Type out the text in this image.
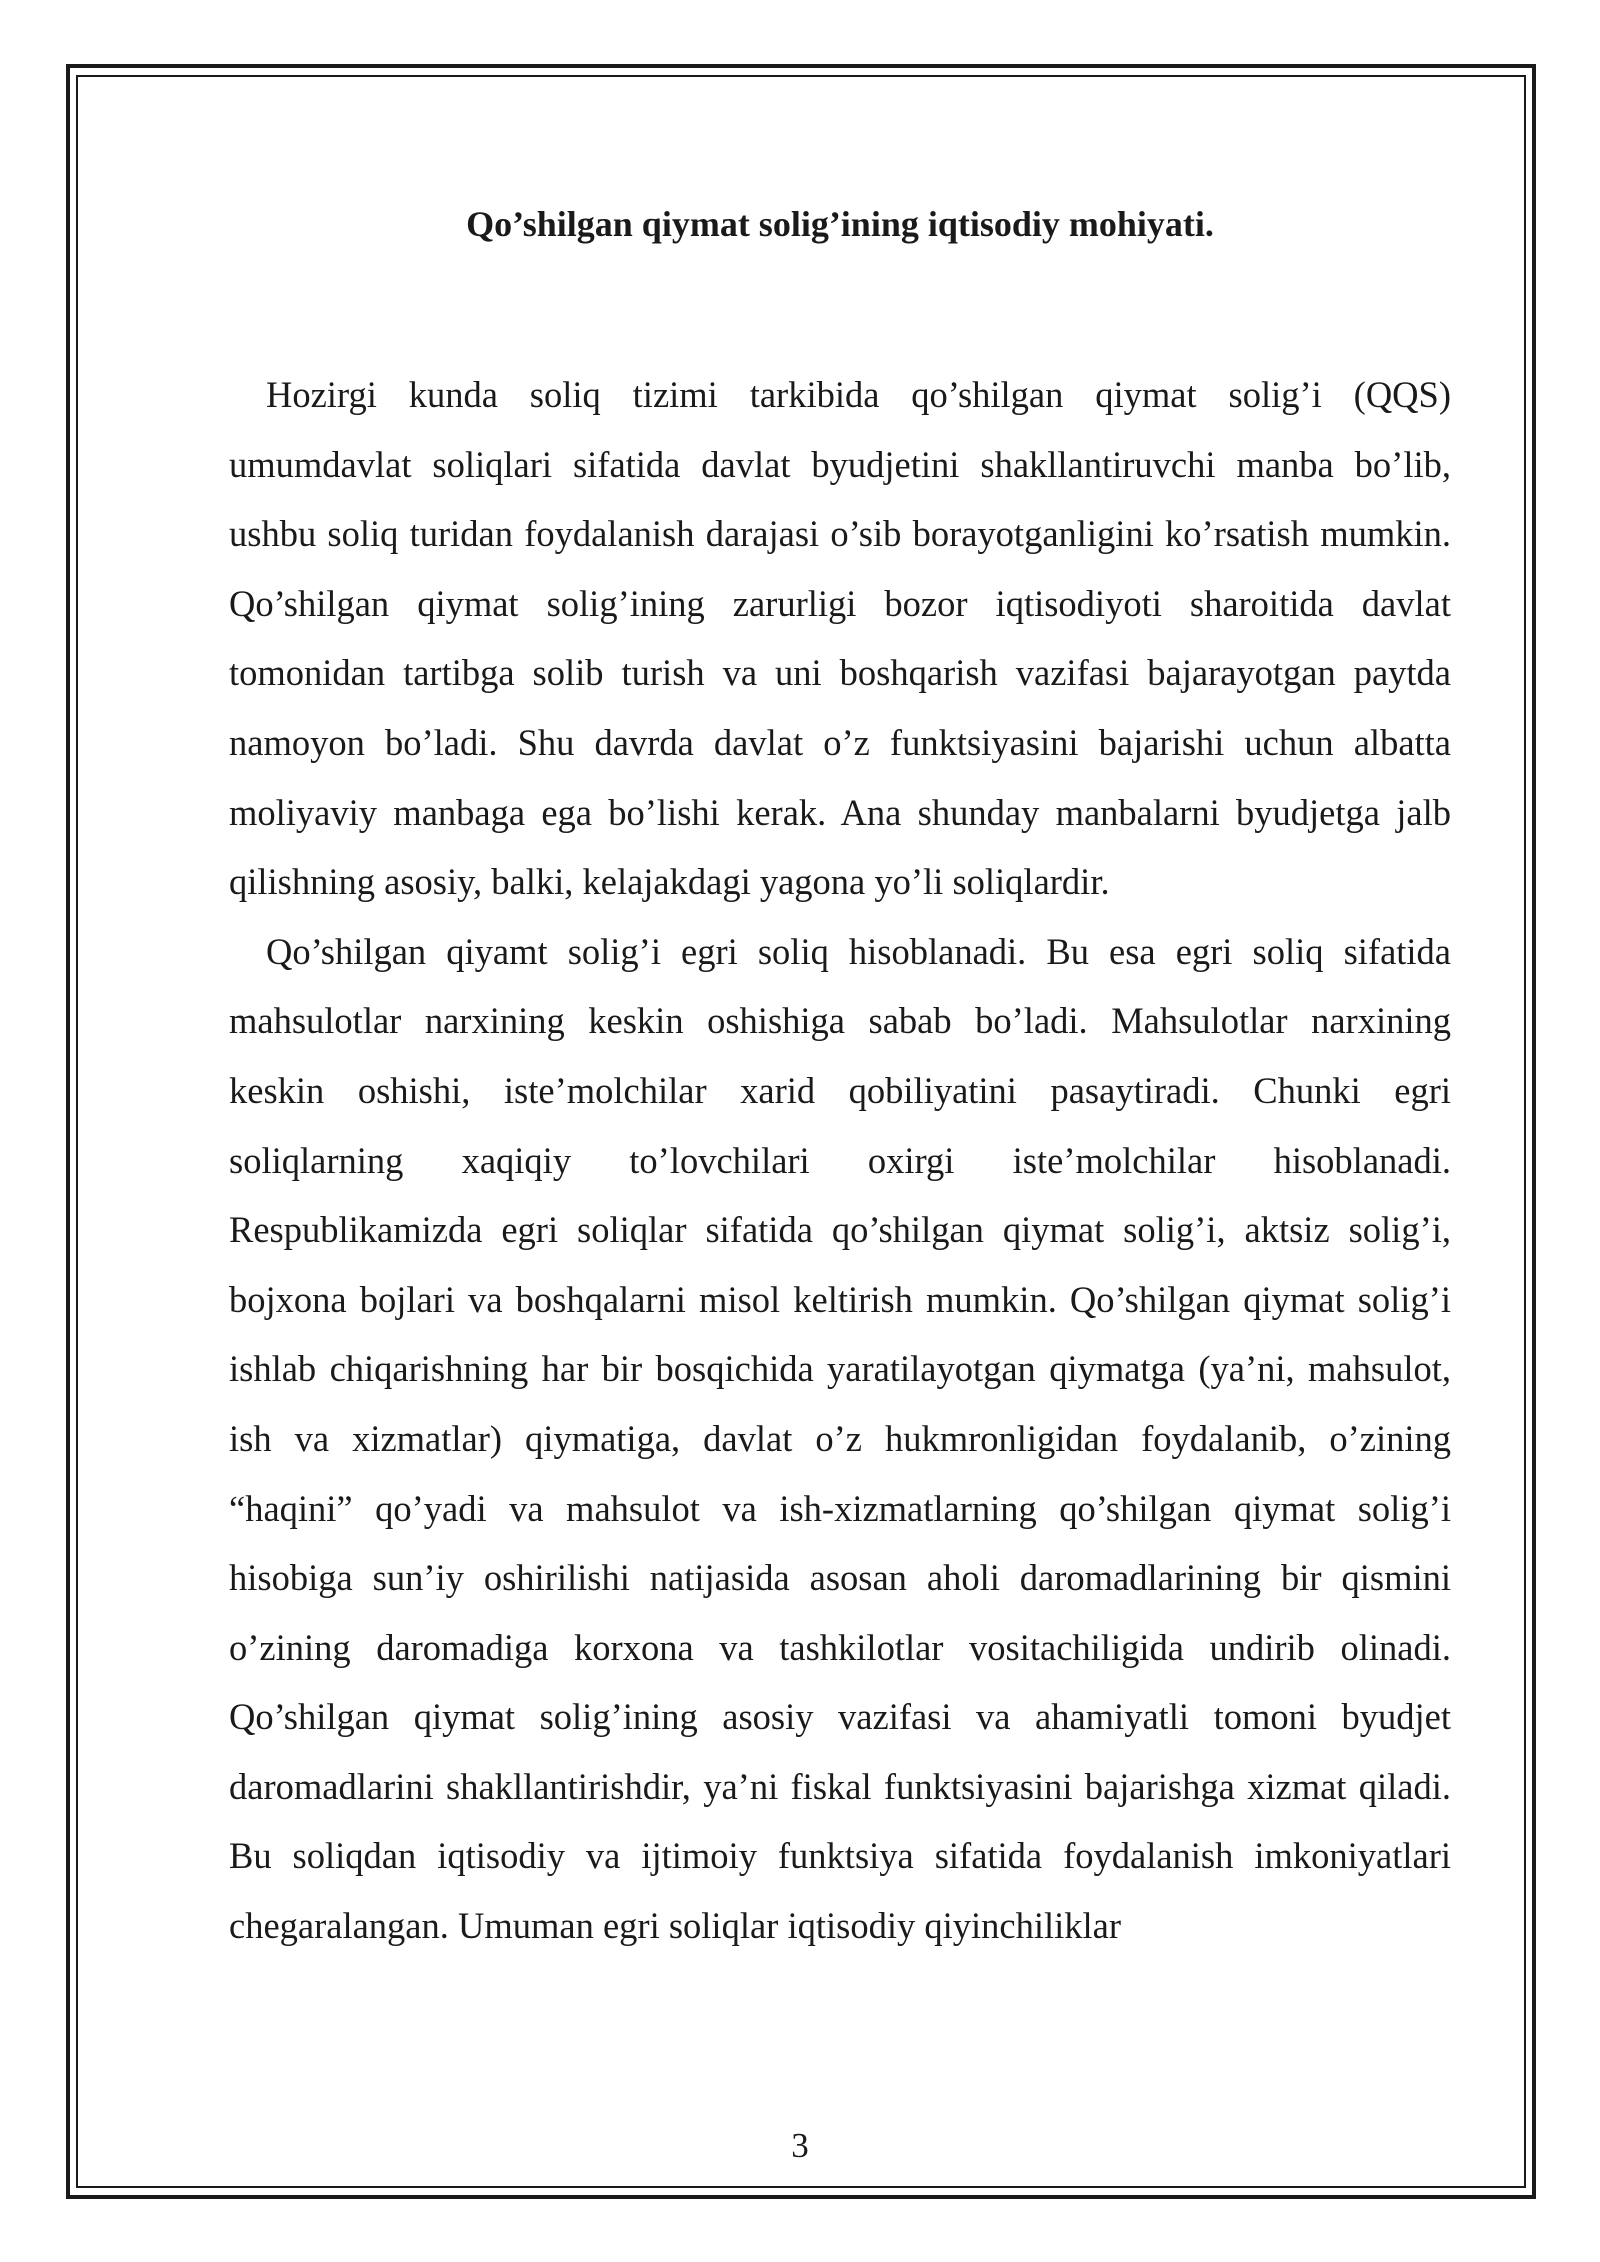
Qo’shilgan qiymat solig’ining iqtisodiy mohiyati.

Hozirgi kunda soliq tizimi tarkibida qo’shilgan qiymat solig’i (QQS) umumdavlat soliqlari sifatida davlat byudjetini shakllantiruvchi manba bo’lib, ushbu soliq turidan foydalanish darajasi o’sib borayotganligini ko’rsatish mumkin. Qo’shilgan qiymat solig’ining zarurligi bozor iqtisodiyoti sharoitida davlat tomonidan tartibga solib turish va uni boshqarish vazifasi bajarayotgan paytda namoyon bo’ladi. Shu davrda davlat o’z funktsiyasini bajarishi uchun albatta moliyaviy manbaga ega bo’lishi kerak. Ana shunday manbalarni byudjetga jalb qilishning asosiy, balki, kelajakdagi yagona yo’li soliqlardir.

Qo’shilgan qiyamt solig’i egri soliq hisoblanadi. Bu esa egri soliq sifatida mahsulotlar narxining keskin oshishiga sabab bo’ladi. Mahsulotlar narxining keskin oshishi, iste’molchilar xarid qobiliyatini pasaytiradi. Chunki egri soliqlarning xaqiqiy to’lovchilari oxirgi iste’molchilar hisoblanadi. Respublikamizda egri soliqlar sifatida qo’shilgan qiymat solig’i, aktsiz solig’i, bojxona bojlari va boshqalarni misol keltirish mumkin. Qo’shilgan qiymat solig’i ishlab chiqarishning har bir bosqichida yaratilayotgan qiymatga (ya’ni, mahsulot, ish va xizmatlar) qiymatiga, davlat o’z hukmronligidan foydalanib, o’zining “haqini” qo’yadi va mahsulot va ish-xizmatlarning qo’shilgan qiymat solig’i hisobiga sun’iy oshirilishi natijasida asosan aholi daromadlarining bir qismini o’zining daromadiga korxona va tashkilotlar vositachiligida undirib olinadi. Qo’shilgan qiymat solig’ining asosiy vazifasi va ahamiyatli tomoni byudjet daromadlarini shakllantirishdir, ya’ni fiskal funktsiyasini bajarishga xizmat qiladi. Bu soliqdan iqtisodiy va ijtimoiy funktsiya sifatida foydalanish imkoniyatlari chegaralangan. Umuman egri soliqlar iqtisodiy qiyinchiliklar

3
